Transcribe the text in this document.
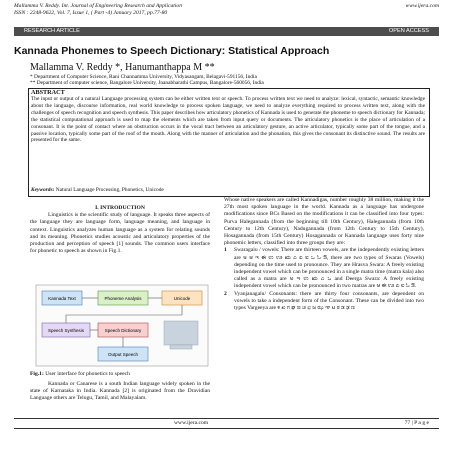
Mallamma V. Reddy. Int. Journal of Engineering Research and Application
ISSN : 2248-9622, Vol. 7, Issue 1, ( Part -4) January 2017, pp.77-80
www.ijera.com
RESEARCH ARTICLE	OPEN ACCESS
Kannada Phonemes to Speech Dictionary: Statistical Approach
Mallamma V. Reddy *, Hanumanthappa M **
* Department of Computer Science, Rani Channamma University, Vidyasangam, Belagavi-591156, India
** Department of computer science, Bangalore University, Jnanabharathi Campus, Bangalore-560056, India
ABSTRACT
The input or output of a natural Language processing system can be either written text or speech. To process written text we need to analyze: lexical, syntactic, semantic knowledge about the language, discourse information, real world knowledge to process spoken language, we need to analyze everything required to process written text, along with the challenges of speech recognition and speech synthesis. This paper describes how articulatory phonetics of Kannada is used to generate the phoneme to speech dictionary for Kannada; the statistical computational approach is used to map the elements which are taken from input query or documents. The articulatory phonetics is the place of articulation of a consonant. It is the point of contact where an obstruction occurs in the vocal tract between an articulatory gesture, an active articulator, typically some part of the tongue, and a passive location, typically some part of the roof of the mouth. Along with the manner of articulation and the phonation, this gives the consonant its distinctive sound. The results are presented for the same.
Keywords: Natural Language Processing, Phonetics, Unicode
I. INTRODUCTION
Linguistics is the scientific study of language. It speaks three aspects of the language they are language form, language meaning, and language in context. Linguistics analyzes human language as a system for relating sounds and its meaning. Phonetics studies acoustic and articulatory properties of the production and perception of speech [1] sounds. The common users interface for phonetic to speech as shown in Fig.1.
Kannada Text	Phoneme Analysis	Unicode
Speech Synthesis	Speech Dictionary
Output Speech
Fig.1: User interface for phonetics to speech
Kannada or Canarese is a south Indian language widely spoken in the state of Karnataka in India. Kannada [2] is originated from the Dravidian Language others are Telugu, Tamil, and Malayalam.
Whose native speakers are called Kannadigas, number roughly 38 million, making it the 27th most spoken language in the world. Kannada as a language has undergone modifications since BCs Based on the modifications it can be classified into four types: Purva Halegannada (from the beginning till 10th Century), Halegannada (from 10th Century to 12th Century), Nadugannada (from 12th Century to 15th Century), Hosagannada (from 15th Century) Hosagannada or Kannada language uses forty nine phonemic letters, classified into three groups they are:
1	Swaragalu / vowels: There are thirteen vowels, are the independently existing letters are ಅ ಆ ಇ ಈ ಉ ಊ ಋ ಎ ಏ ಐ ಒ ಓ ಔ, there are two types of Swaras (Vowels) depending on the time used to pronounce. They are Hrasva Swara: A freely existing independent vowel which can be pronounced in a single matra time (matra kala) also called as a matra are ಅ ಇ ಉ ಋ ಎ ಒ and Deerga Swara: A freely existing independent vowel which can be pronounced in two matras are ಆ ಈ ಊ ಏ ಐ ಓ ಔ.
2	Vyanjanagalu/ Consonants: there are thirty four consonants, are dependent on vowels to take a independent form of the Consonant. These can be divided into two types Vargeeya are ಕ ಖ ಗ ಘ ಙ ಚ ಛ ಜ ಝ ಞ ಟ ಠ ಡ ಢ ಣ
www.ijera.com	77 | P a g e
